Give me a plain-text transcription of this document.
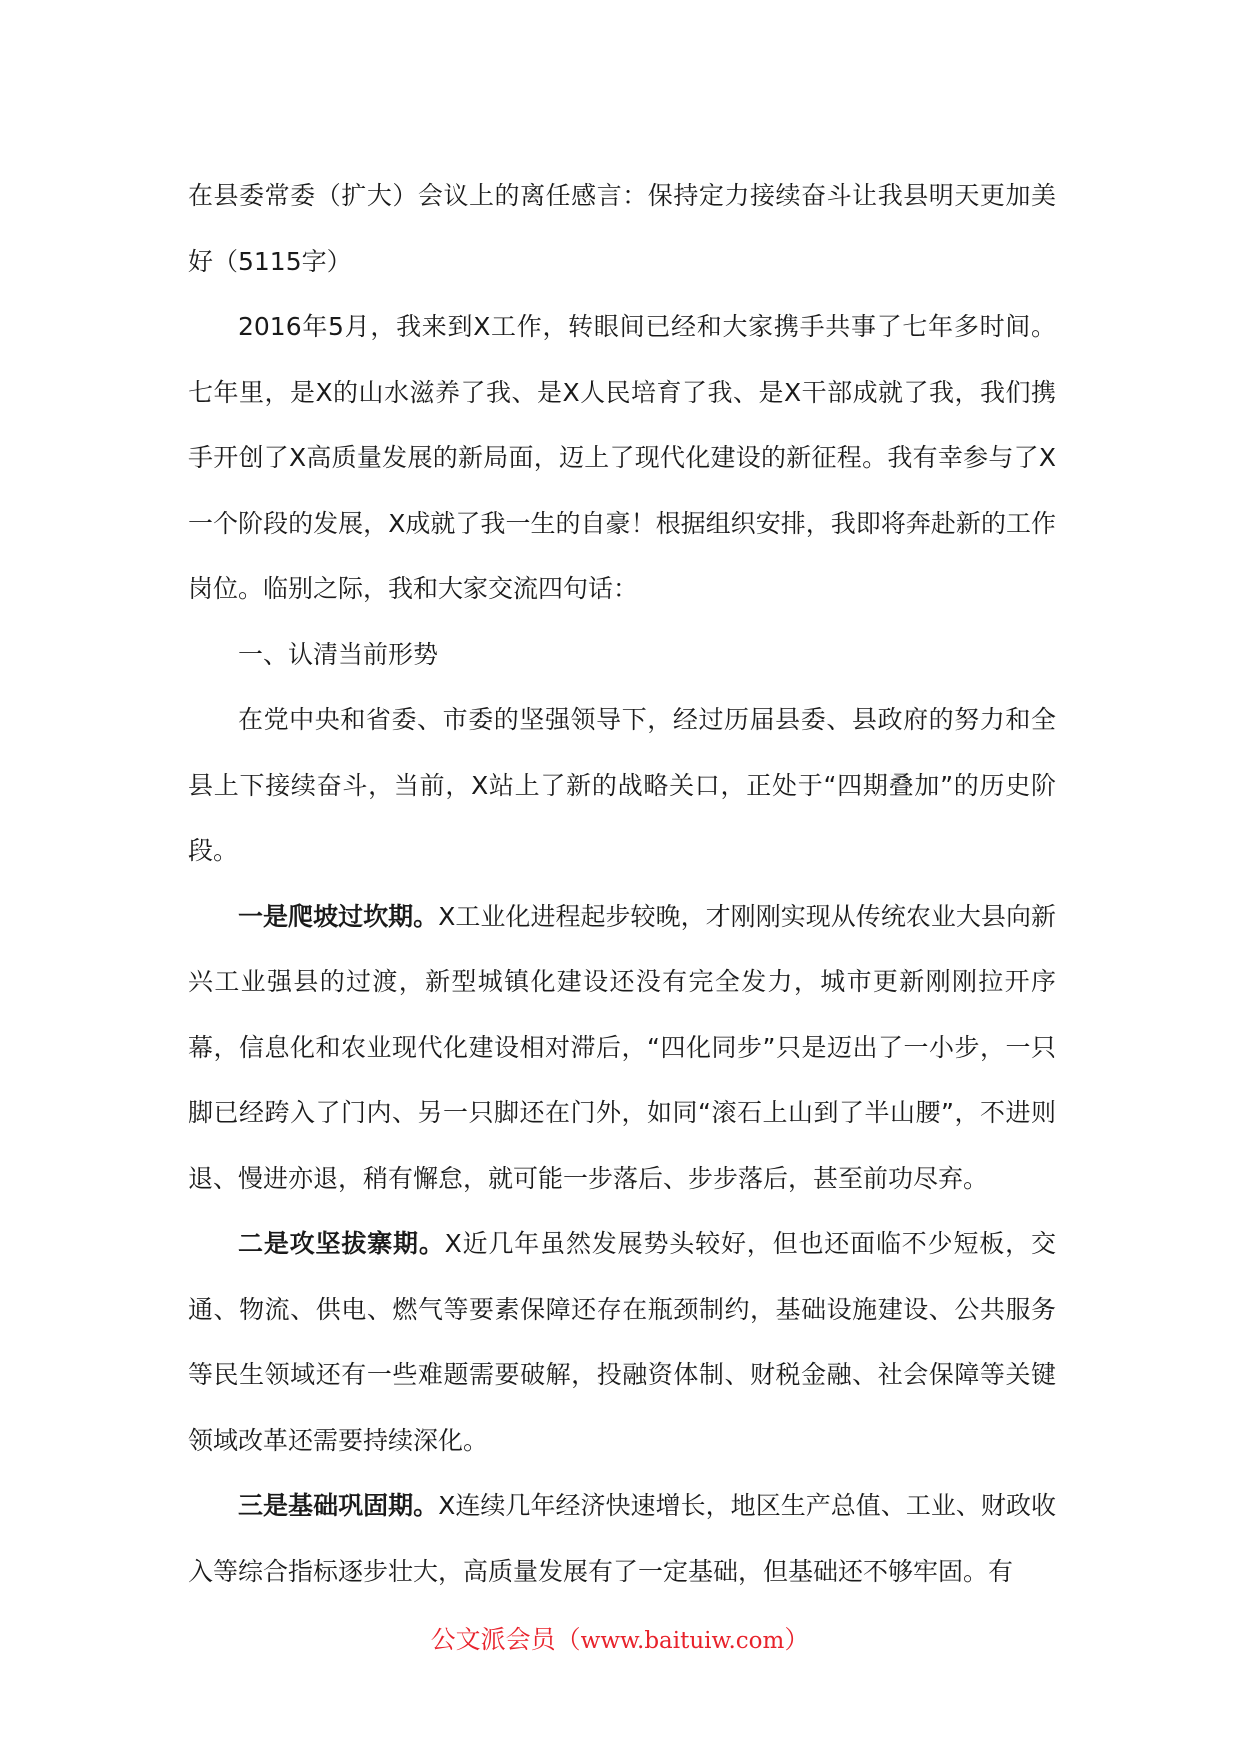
在县委常委（扩大）会议上的离任感言：保持定力接续奋斗让我县明天更加美好（5115字）

2016年5月，我来到X工作，转眼间已经和大家携手共事了七年多时间。七年里，是X的山水滋养了我、是X人民培育了我、是X干部成就了我，我们携手开创了X高质量发展的新局面，迈上了现代化建设的新征程。我有幸参与了X一个阶段的发展，X成就了我一生的自豪！根据组织安排，我即将奔赴新的工作岗位。临别之际，我和大家交流四句话：

一、认清当前形势

在党中央和省委、市委的坚强领导下，经过历届县委、县政府的努力和全县上下接续奋斗，当前，X站上了新的战略关口，正处于“四期叠加”的历史阶段。

一是爬坡过坎期。X工业化进程起步较晚，才刚刚实现从传统农业大县向新兴工业强县的过渡，新型城镇化建设还没有完全发力，城市更新刚刚拉开序幕，信息化和农业现代化建设相对滞后，“四化同步”只是迈出了一小步，一只脚已经跨入了门内、另一只脚还在门外，如同“滚石上山到了半山腰”，不进则退、慢进亦退，稍有懈怠，就可能一步落后、步步落后，甚至前功尽弃。

二是攻坚拔寨期。X近几年虽然发展势头较好，但也还面临不少短板，交通、物流、供电、燃气等要素保障还存在瓶颈制约，基础设施建设、公共服务等民生领域还有一些难题需要破解，投融资体制、财税金融、社会保障等关键领域改革还需要持续深化。

三是基础巩固期。X连续几年经济快速增长，地区生产总值、工业、财政收入等综合指标逐步壮大，高质量发展有了一定基础，但基础还不够牢固。有

公文派会员（www.baituiw.com）
